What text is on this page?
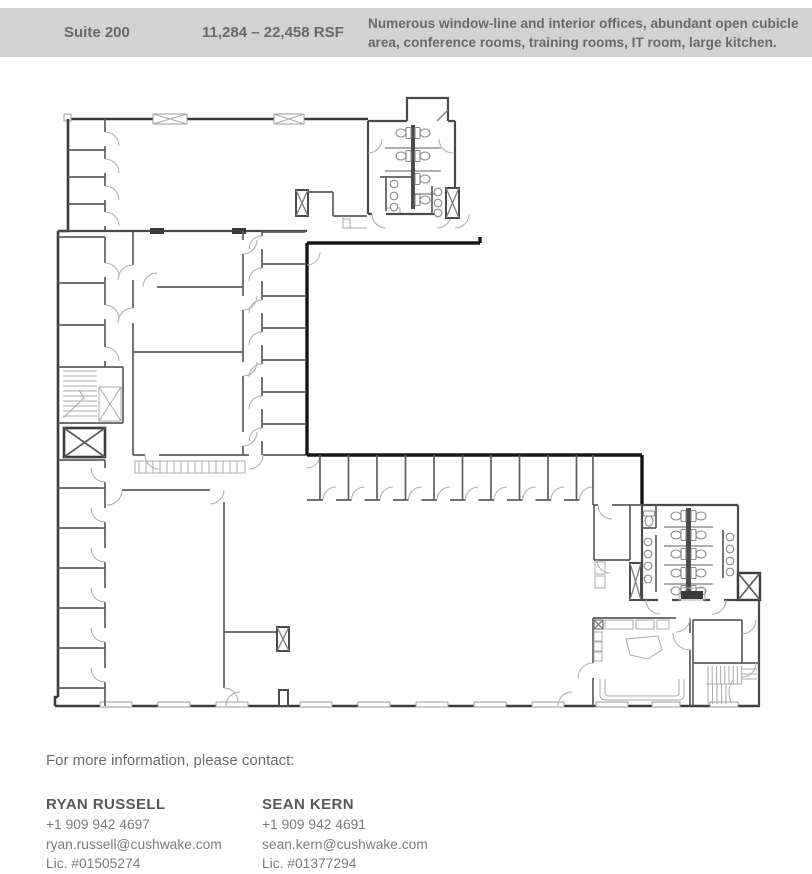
Suite 200	11,284 – 22,458 RSF
Numerous window-line and interior offices, abundant open cubicle area, conference rooms, training rooms, IT room, large kitchen.
For more information, please contact:
RYAN RUSSELL
+1 909 942 4697
ryan.russell@cushwake.com
Lic. #01505274
SEAN KERN
+1 909 942 4691
sean.kern@cushwake.com
Lic. #01377294
